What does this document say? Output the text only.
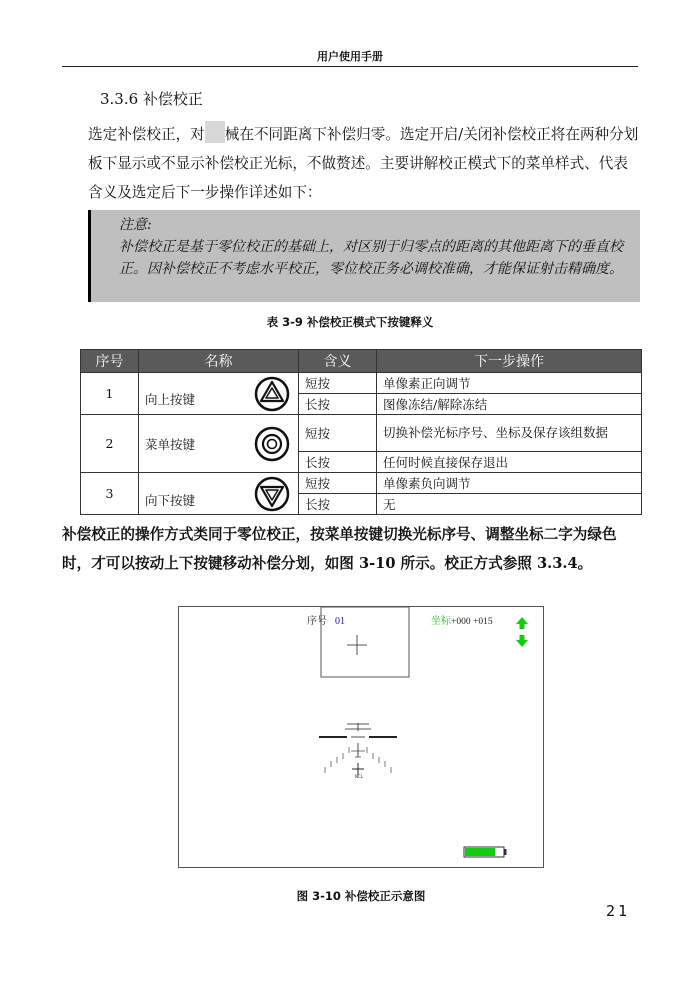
用户使用手册
3.3.6 补偿校正
选定补偿校正，对 械在不同距离下补偿归零。选定开启/关闭补偿校正将在两种分划板下显示或不显示补偿校正光标，不做赘述。主要讲解校正模式下的菜单样式、代表含义及选定后下一步操作详述如下：
注意:
补偿校正是基于零位校正的基础上，对区别于归零点的距离的其他距离下的垂直校正。因补偿校正不考虑水平校正，零位校正务必调校准确，才能保证射击精确度。
表 3-9 补偿校正模式下按键释义
序号	名称	含义	下一步操作
1	向上按键	短按	单像素正向调节
		长按	图像冻结/解除冻结
2	菜单按键	短按	切换补偿光标序号、坐标及保存该组数据
		长按	任何时候直接保存退出
3	向下按键	短按	单像素负向调节
		长按	无
补偿校正的操作方式类同于零位校正，按菜单按键切换光标序号、调整坐标二字为绿色时，才可以按动上下按键移动补偿分划，如图 3-10 所示。校正方式参照 3.3.4。
序号 01	坐标 +000 +015
NCL
图 3-10 补偿校正示意图
21
